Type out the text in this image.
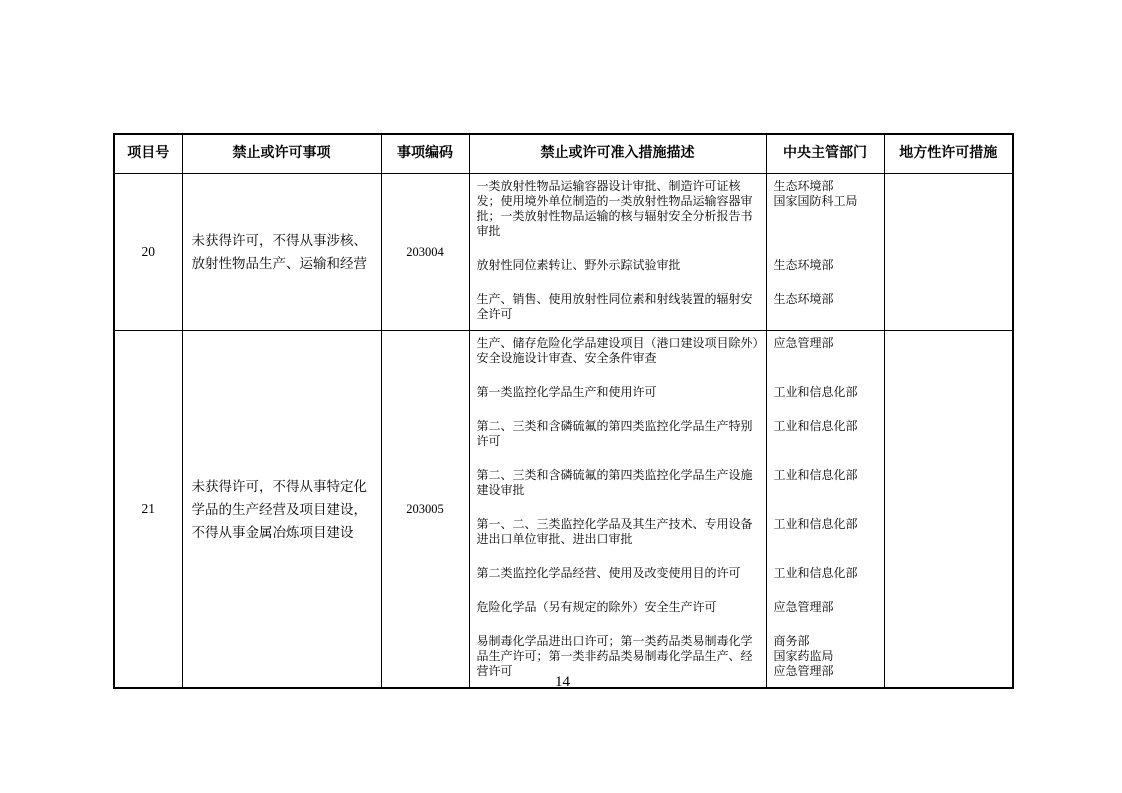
项目号	禁止或许可事项	事项编码	禁止或许可准入措施描述	中央主管部门	地方性许可措施
20	未获得许可，不得从事涉核、放射性物品生产、运输和经营	203004	一类放射性物品运输容器设计审批、制造许可证核发；使用境外单位制造的一类放射性物品运输容器审批；一类放射性物品运输的核与辐射安全分析报告书审批	生态环境部
国家国防科工局	

			放射性同位素转让、野外示踪试验审批	生态环境部	

			生产、销售、使用放射性同位素和射线装置的辐射安全许可	生态环境部	

21	未获得许可，不得从事特定化学品的生产经营及项目建设，不得从事金属冶炼项目建设	203005	生产、储存危险化学品建设项目（港口建设项目除外）安全设施设计审查、安全条件审查	应急管理部	

			第一类监控化学品生产和使用许可	工业和信息化部	

			第二、三类和含磷硫氟的第四类监控化学品生产特别许可	工业和信息化部	

			第二、三类和含磷硫氟的第四类监控化学品生产设施建设审批	工业和信息化部	

			第一、二、三类监控化学品及其生产技术、专用设备进出口单位审批、进出口审批	工业和信息化部	

			第二类监控化学品经营、使用及改变使用目的许可	工业和信息化部	

			危险化学品（另有规定的除外）安全生产许可	应急管理部	

			易制毒化学品进出口许可；第一类药品类易制毒化学品生产许可；第一类非药品类易制毒化学品生产、经营许可	商务部
国家药监局
应急管理部	
14
